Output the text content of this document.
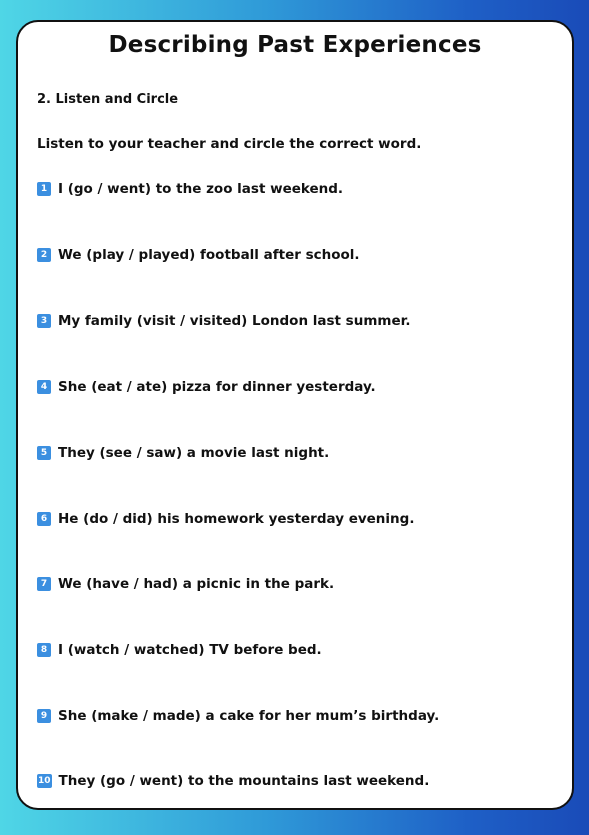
Describing Past Experiences
2. Listen and Circle
Listen to your teacher and circle the correct word.
1 I (go / went) to the zoo last weekend.
2 We (play / played) football after school.
3 My family (visit / visited) London last summer.
4 She (eat / ate) pizza for dinner yesterday.
5 They (see / saw) a movie last night.
6 He (do / did) his homework yesterday evening.
7 We (have / had) a picnic in the park.
8 I (watch / watched) TV before bed.
9 She (make / made) a cake for her mum’s birthday.
10 They (go / went) to the mountains last weekend.
